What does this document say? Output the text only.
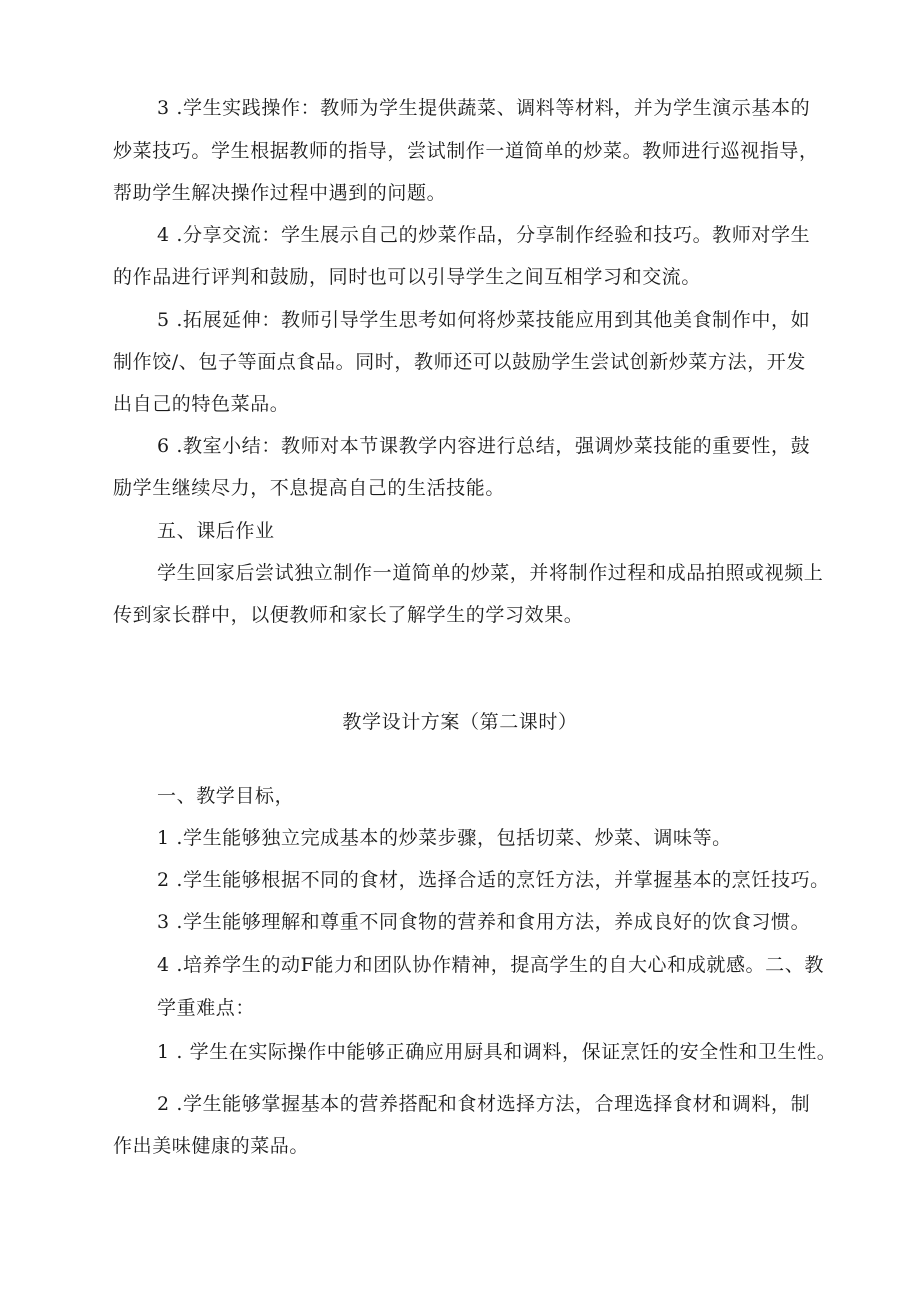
3 .学生实践操作：教师为学生提供蔬菜、调料等材料，并为学生演示基本的
炒菜技巧。学生根据教师的指导，尝试制作一道简单的炒菜。教师进行巡视指导，
帮助学生解决操作过程中遇到的问题。
4 .分享交流：学生展示自己的炒菜作品，分享制作经验和技巧。教师对学生
的作品进行评判和鼓励，同时也可以引导学生之间互相学习和交流。
5 .拓展延伸：教师引导学生思考如何将炒菜技能应用到其他美食制作中，如
制作饺/、包子等面点食品。同时，教师还可以鼓励学生尝试创新炒菜方法，开发
出自己的特色菜品。
6 .教室小结：教师对本节课教学内容进行总结，强调炒菜技能的重要性，鼓
励学生继续尽力，不息提高自己的生活技能。
五、课后作业
学生回家后尝试独立制作一道简单的炒菜，并将制作过程和成品拍照或视频上
传到家长群中，以便教师和家长了解学生的学习效果。
教学设计方案（第二课时）
一、教学目标，
1 .学生能够独立完成基本的炒菜步骤，包括切菜、炒菜、调味等。
2 .学生能够根据不同的食材，选择合适的烹饪方法，并掌握基本的烹饪技巧。
3 .学生能够理解和尊重不同食物的营养和食用方法，养成良好的饮食习惯。
4 .培养学生的动F能力和团队协作精神，提高学生的自大心和成就感。二、教
学重难点：
1 . 学生在实际操作中能够正确应用厨具和调料，保证烹饪的安全性和卫生性。
2 .学生能够掌握基本的营养搭配和食材选择方法，合理选择食材和调料，制
作出美味健康的菜品。
